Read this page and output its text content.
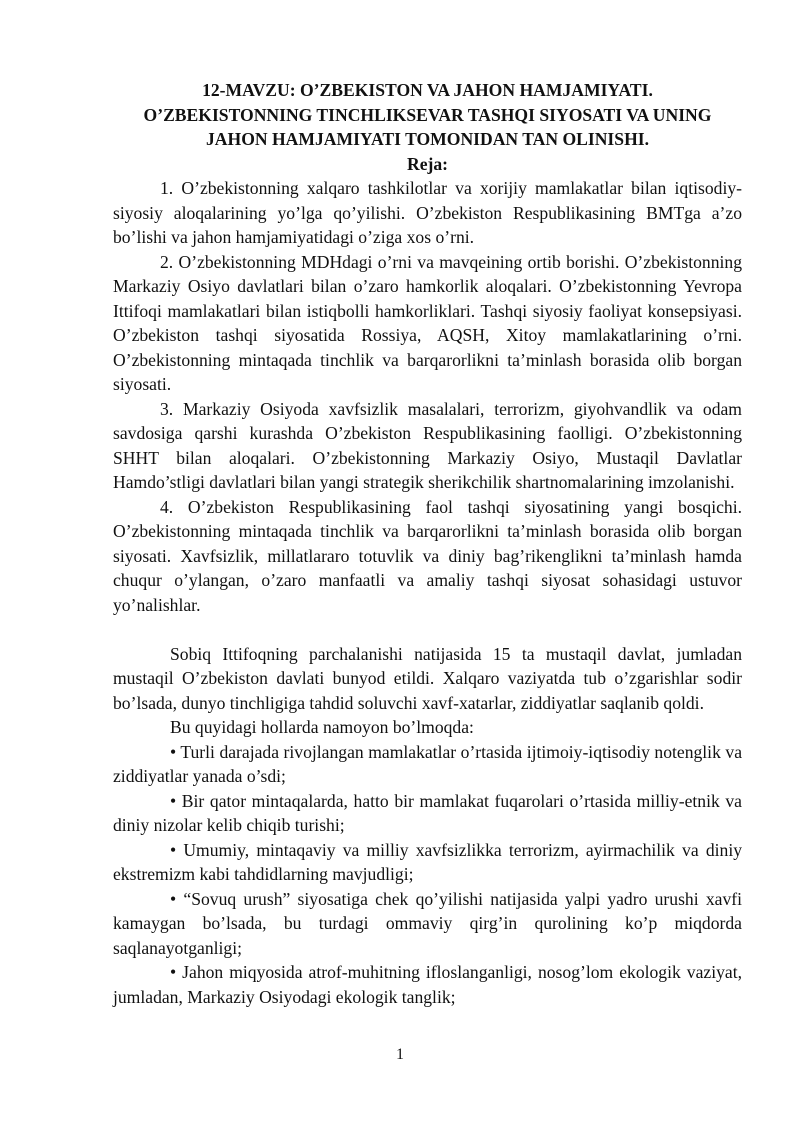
12-MAVZU: O’ZBEKISTON VA JAHON HAMJAMIYATI.
O’ZBEKISTONNING TINCHLIKSEVAR TASHQI SIYOSATI VA UNING
JAHON HAMJAMIYATI TOMONIDAN TAN OLINISHI.
Reja:

1. O’zbekistonning xalqaro tashkilotlar va xorijiy mamlakatlar bilan iqtisodiy-siyosiy aloqalarining yo’lga qo’yilishi. O’zbekiston Respublikasining BMTga a’zo bo’lishi va jahon hamjamiyatidagi o’ziga xos o’rni.

2. O’zbekistonning MDHdagi o’rni va mavqeining ortib borishi. O’zbekistonning Markaziy Osiyo davlatlari bilan o’zaro hamkorlik aloqalari. O’zbekistonning Yevropa Ittifoqi mamlakatlari bilan istiqbolli hamkorliklari. Tashqi siyosiy faoliyat konsepsiyasi. O’zbekiston tashqi siyosatida Rossiya, AQSH, Xitoy mamlakatlarining o’rni. O’zbekistonning mintaqada tinchlik va barqarorlikni ta’minlash borasida olib borgan siyosati.

3. Markaziy Osiyoda xavfsizlik masalalari, terrorizm, giyohvandlik va odam savdosiga qarshi kurashda O’zbekiston Respublikasining faolligi. O’zbekistonning SHHT bilan aloqalari. O’zbekistonning Markaziy Osiyo, Mustaqil Davlatlar Hamdo’stligi davlatlari bilan yangi strategik sherikchilik shartnomalarining imzolanishi.

4. O’zbekiston Respublikasining faol tashqi siyosatining yangi bosqichi. O’zbekistonning mintaqada tinchlik va barqarorlikni ta’minlash borasida olib borgan siyosati. Xavfsizlik, millatlararo totuvlik va diniy bag’rikenglikni ta’minlash hamda chuqur o’ylangan, o’zaro manfaatli va amaliy tashqi siyosat sohasidagi ustuvor yo’nalishlar.

Sobiq Ittifoqning parchalanishi natijasida 15 ta mustaqil davlat, jumladan mustaqil O’zbekiston davlati bunyod etildi. Xalqaro vaziyatda tub o’zgarishlar sodir bo’lsada, dunyo tinchligiga tahdid soluvchi xavf-xatarlar, ziddiyatlar saqlanib qoldi.

Bu quyidagi hollarda namoyon bo’lmoqda:

• Turli darajada rivojlangan mamlakatlar o’rtasida ijtimoiy-iqtisodiy notenglik va ziddiyatlar yanada o’sdi;

• Bir qator mintaqalarda, hatto bir mamlakat fuqarolari o’rtasida milliy-etnik va diniy nizolar kelib chiqib turishi;

• Umumiy, mintaqaviy va milliy xavfsizlikka terrorizm, ayirmachilik va diniy ekstremizm kabi tahdidlarning mavjudligi;

• “Sovuq urush” siyosatiga chek qo’yilishi natijasida yalpi yadro urushi xavfi kamaygan bo’lsada, bu turdagi ommaviy qirg’in qurolining ko’p miqdorda saqlanayotganligi;

• Jahon miqyosida atrof-muhitning ifloslanganligi, nosog’lom ekologik vaziyat, jumladan, Markaziy Osiyodagi ekologik tanglik;

1
